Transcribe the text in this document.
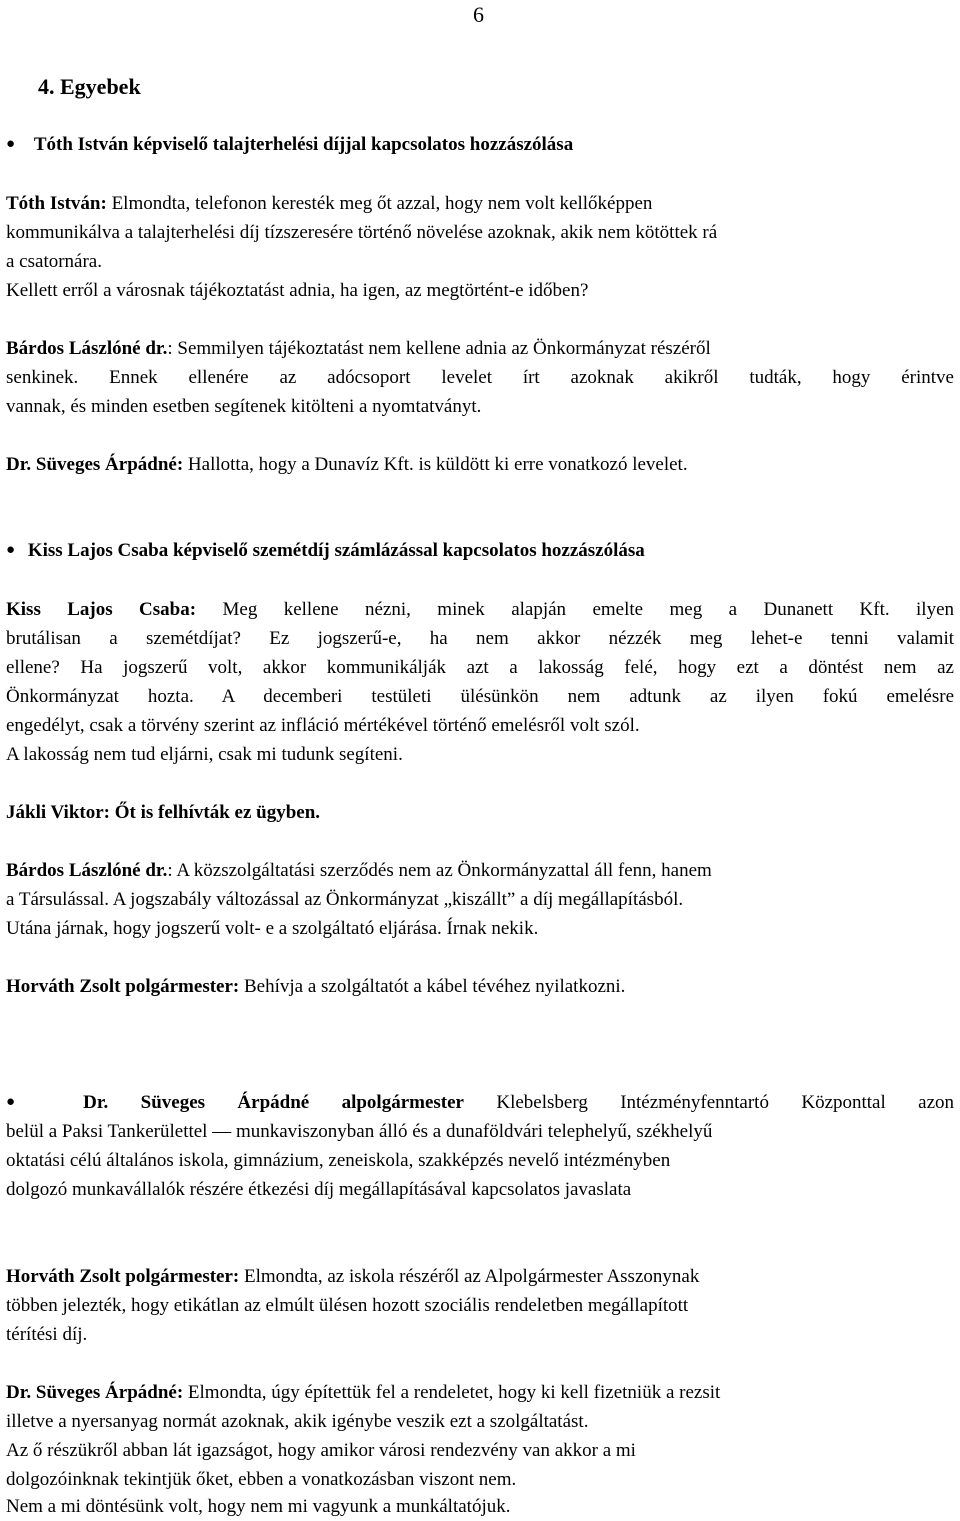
6
4. Egyebek
● Tóth István képviselő talajterhelési díjjal kapcsolatos hozzászólása
Tóth István: Elmondta, telefonon keresték meg őt azzal, hogy nem volt kellőképpen
kommunikálva a talajterhelési díj tízszeresére történő növelése azoknak, akik nem kötöttek rá
a csatornára.
Kellett erről a városnak tájékoztatást adnia, ha igen, az megtörtént-e időben?
Bárdos Lászlóné dr.: Semmilyen tájékoztatást nem kellene adnia az Önkormányzat részéről
senkinek. Ennek ellenére az adócsoport levelet írt azoknak akikről tudták, hogy érintve
vannak, és minden esetben segítenek kitölteni a nyomtatványt.
Dr. Süveges Árpádné: Hallotta, hogy a Dunavíz Kft. is küldött ki erre vonatkozó levelet.
● Kiss Lajos Csaba képviselő szemétdíj számlázással kapcsolatos hozzászólása
Kiss Lajos Csaba: Meg kellene nézni, minek alapján emelte meg a Dunanett Kft. ilyen
brutálisan a szemétdíjat? Ez jogszerű-e, ha nem akkor nézzék meg lehet-e tenni valamit
ellene? Ha jogszerű volt, akkor kommunikálják azt a lakosság felé, hogy ezt a döntést nem az
Önkormányzat hozta. A decemberi testületi ülésünkön nem adtunk az ilyen fokú emelésre
engedélyt, csak a törvény szerint az infláció mértékével történő emelésről volt szól.
A lakosság nem tud eljárni, csak mi tudunk segíteni.
Jákli Viktor: Őt is felhívták ez ügyben.
Bárdos Lászlóné dr.: A közszolgáltatási szerződés nem az Önkormányzattal áll fenn, hanem
a Társulással. A jogszabály változással az Önkormányzat „kiszállt” a díj megállapításból.
Utána járnak, hogy jogszerű volt- e a szolgáltató eljárása. Írnak nekik.
Horváth Zsolt polgármester: Behívja a szolgáltatót a kábel tévéhez nyilatkozni.
● Dr. Süveges Árpádné alpolgármester Klebelsberg Intézményfenntartó Központtal azon
belül a Paksi Tankerülettel — munkaviszonyban álló és a dunaföldvári telephelyű, székhelyű
oktatási célú általános iskola, gimnázium, zeneiskola, szakképzés nevelő intézményben
dolgozó munkavállalók részére étkezési díj megállapításával kapcsolatos javaslata
Horváth Zsolt polgármester: Elmondta, az iskola részéről az Alpolgármester Asszonynak
többen jelezték, hogy etikátlan az elmúlt ülésen hozott szociális rendeletben megállapított
térítési díj.
Dr. Süveges Árpádné: Elmondta, úgy építettük fel a rendeletet, hogy ki kell fizetniük a rezsit
illetve a nyersanyag normát azoknak, akik igénybe veszik ezt a szolgáltatást.
Az ő részükről abban lát igazságot, hogy amikor városi rendezvény van akkor a mi
dolgozóinknak tekintjük őket, ebben a vonatkozásban viszont nem.
Nem a mi döntésünk volt, hogy nem mi vagyunk a munkáltatójuk.
